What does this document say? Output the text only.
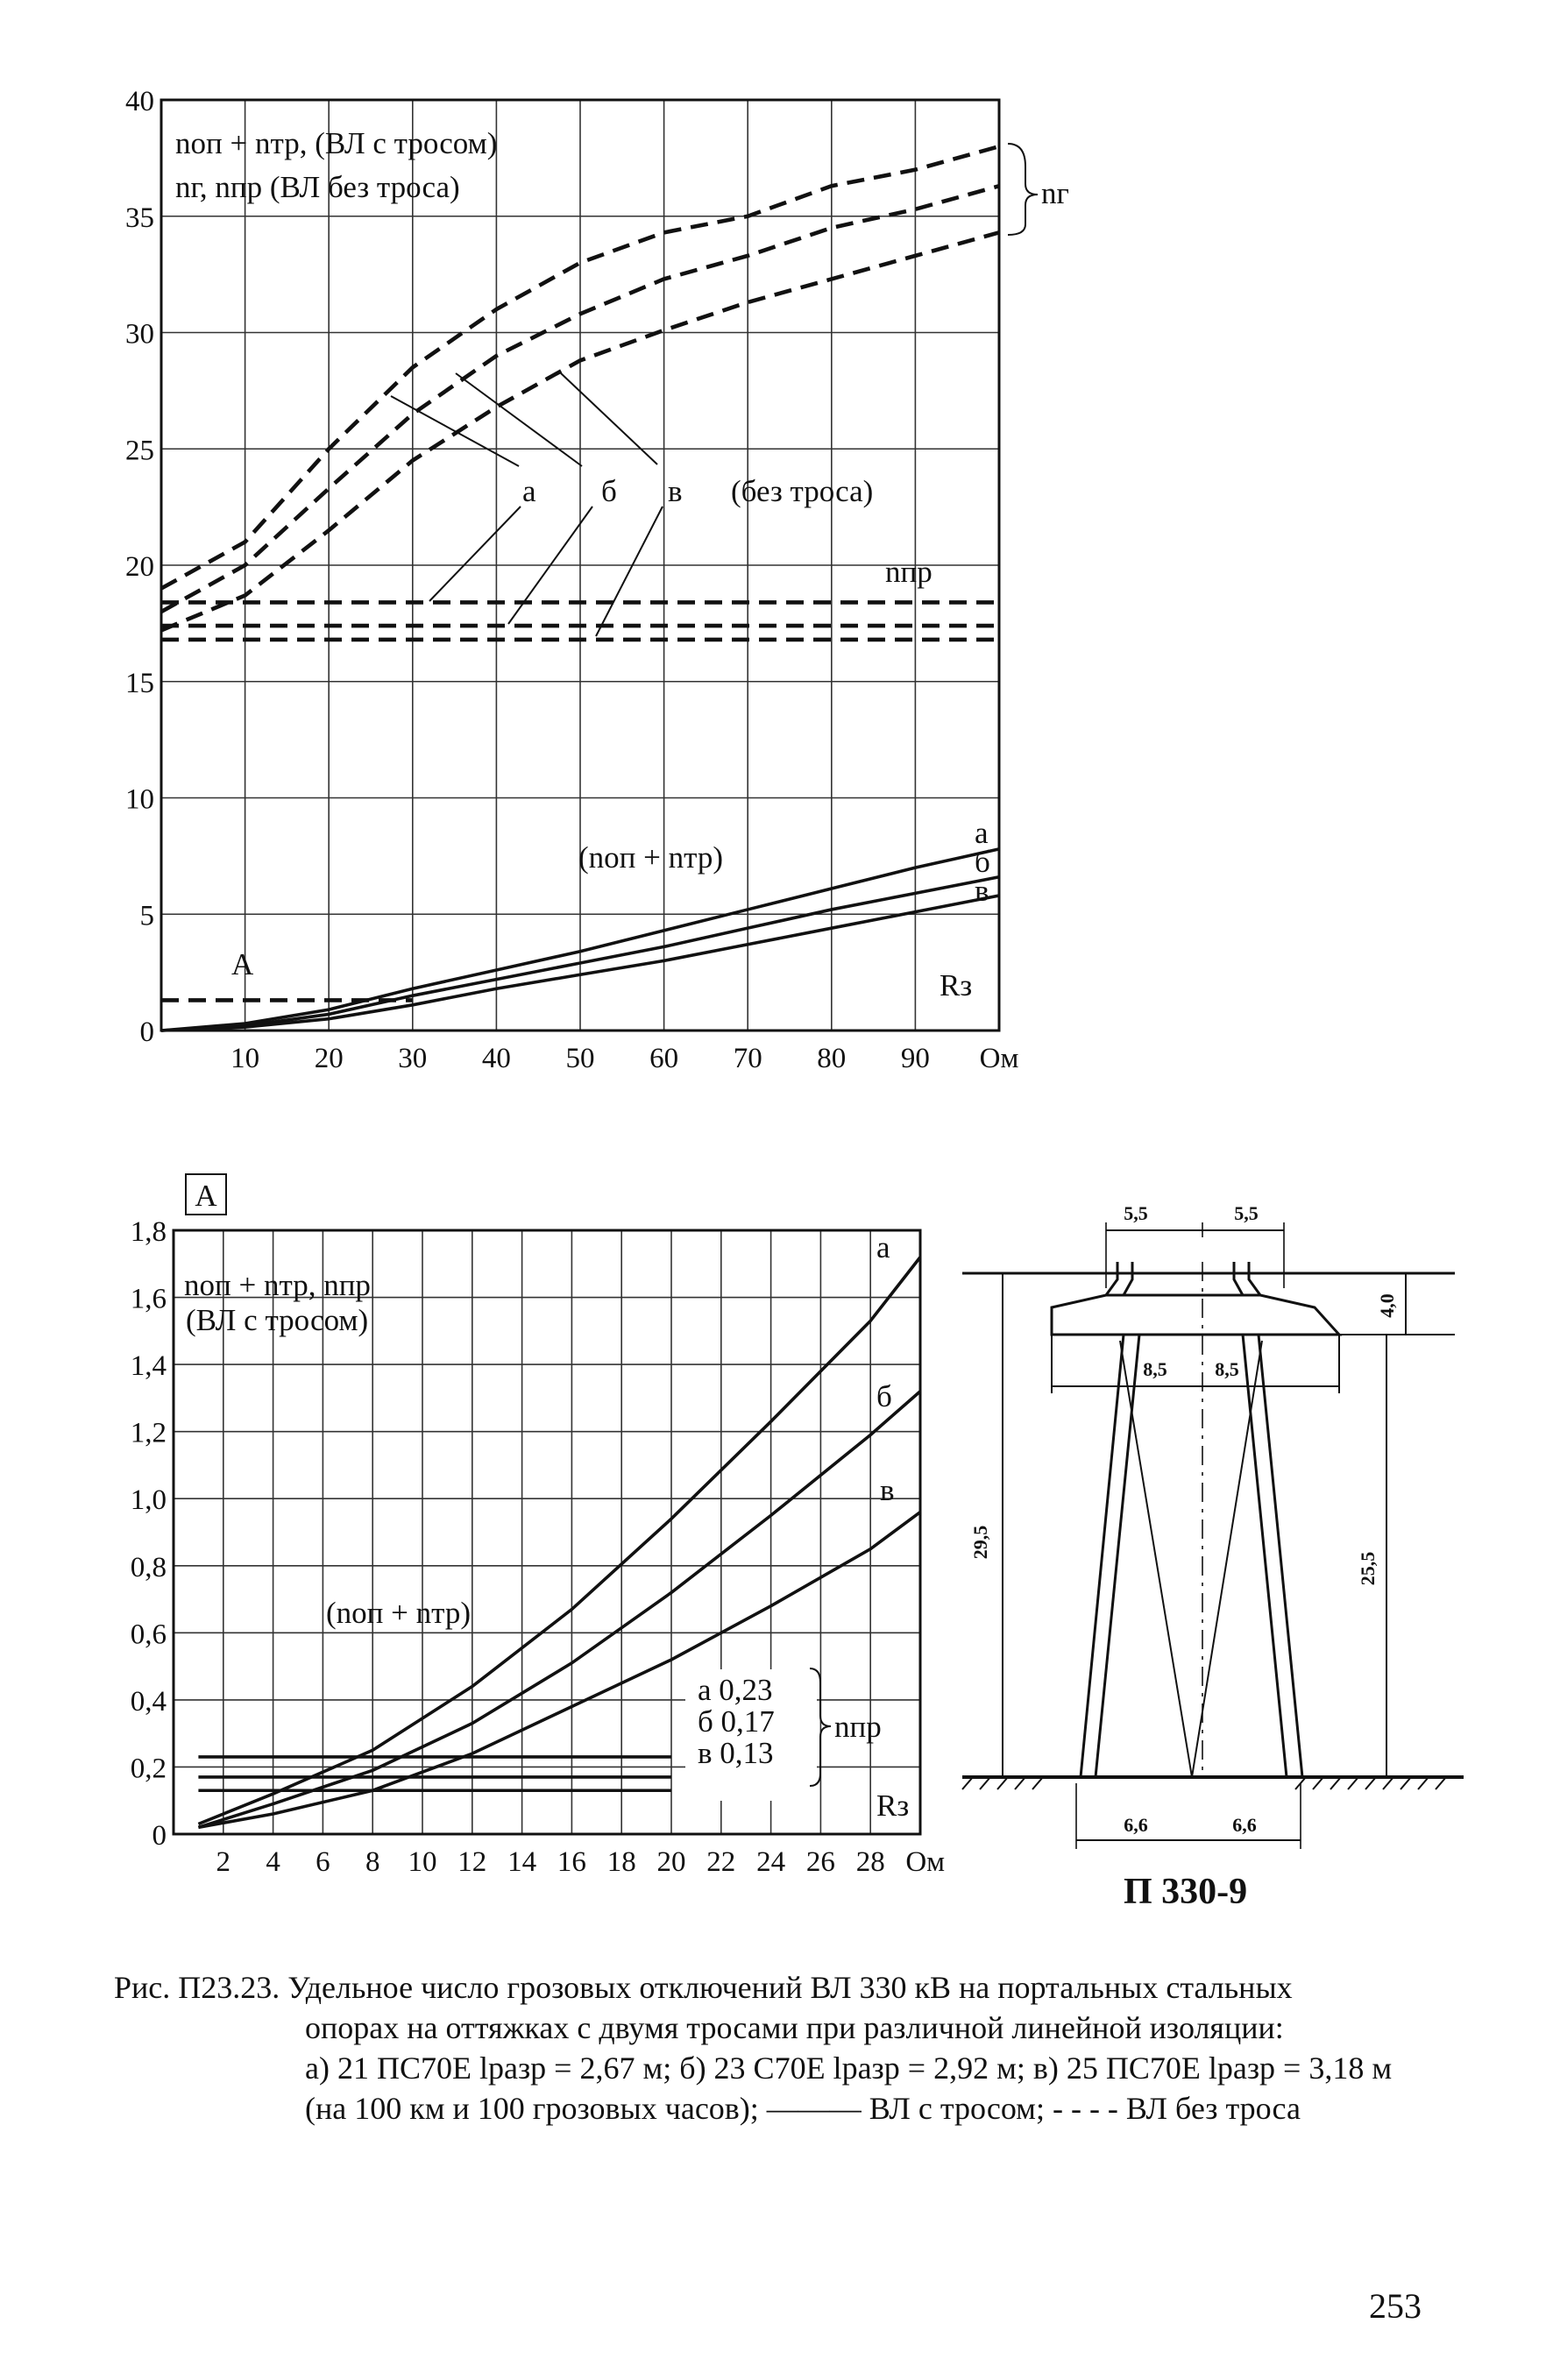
10 20 30 40 50 60 70 80 90 Ом
0
5
10
15
20
25
30
35
40
nоп + nтр, (ВЛ с тросом)
nг, nпр (ВЛ без троса)	nг
nпр
(nоп + nтр)
Rз
А
а
б
в
а б в (без троса)
2 4 6 8 10 12 14 16 18 20 22 24 26 28 Ом
0
0,2
0,4
0,6
0,8
1,0
1,2
1,4
1,6
1,8
А
nоп + nтр, nпр
(ВЛ с тросом)
(nоп + nтр)
а
б
в
Rз
а 0,23
б 0,17
в 0,13
nпр
5,5	5,5
8,5 8,5
6,6	6,6
29,5
25,5
4,0
П 330-9
Рис. П23.23. Удельное число грозовых отключений ВЛ 330 кВ на портальных стальных
опорах на оттяжках с двумя тросами при различной линейной изоляции:
а) 21 ПС70Е lразр = 2,67 м; б) 23 С70Е lразр = 2,92 м; в) 25 ПС70Е lразр = 3,18 м
(на 100 км и 100 грозовых часов); ——— ВЛ с тросом; - - - - ВЛ без троса
253
